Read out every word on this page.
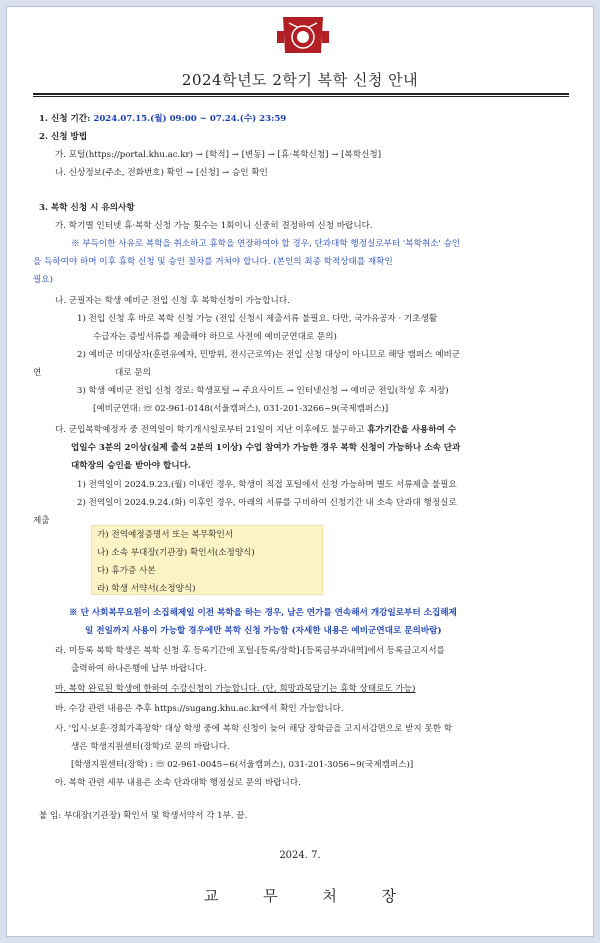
2024학년도 2학기 복학 신청 안내
1. 신청 기간: 2024.07.15.(월) 09:00 ~ 07.24.(수) 23:59
2. 신청 방법
가. 포털(https://portal.khu.ac.kr) → [학적] → [변동] → [휴·복학신청] → [복학신청]
나. 신상정보(주소, 전화번호) 확인 → [신청] → 승인 확인
3. 복학 신청 시 유의사항
가. 학기별 인터넷 휴·복학 신청 가능 횟수는 1회이니 신중히 결정하여 신청 바랍니다.
※ 부득이한 사유로 복학을 취소하고 휴학을 연장하여야 할 경우, 단과대학 행정실로부터 '복학취소' 승인
을 득하여야 하며 이후 휴학 신청 및 승인 절차를 거쳐야 합니다. (본인의 최종 학적상태를 재확인
필요)
나. 군필자는 학생 예비군 전입 신청 후 복학신청이 가능합니다.
1) 전입 신청 후 바로 복학 신청 가능 (전입 신청시 제출서류 불필요. 다만, 국가유공자 · 기초생활
수급자는 증빙서류를 제출해야 하므로 사전에 예비군연대로 문의)
2) 예비군 비대상자(훈련유예자, 민방위, 전시근로역)는 전입 신청 대상이 아니므로 해당 캠퍼스 예비군
연	대로 문의
3) 학생 예비군 전입 신청 경로: 학생포털 → 주요사이트 → 인터넷신청 → 예비군 전입(작성 후 저장)
[예비군연대: ☏ 02-961-0148(서울캠퍼스), 031-201-3266~9(국제캠퍼스)]
다. 군입복학예정자 중 전역일이 학기개시일로부터 21일이 지난 이후에도 불구하고 휴가기간을 사용하여 수
업일수 3분의 2이상(실제 출석 2분의 1이상) 수업 참여가 가능한 경우 복학 신청이 가능하나 소속 단과
대학장의 승인을 받아야 합니다.
1) 전역일이 2024.9.23.(월) 이내인 경우, 학생이 직접 포털에서 신청 가능하며 별도 서류제출 불필요
2) 전역일이 2024.9.24.(화) 이후인 경우, 아래의 서류를 구비하여 신청기간 내 소속 단과대 행정실로
제출
가) 전역예정증명서 또는 복무확인서
나) 소속 부대장(기관장) 확인서(소정양식)
다) 휴가증 사본
라) 학생 서약서(소정양식)
※ 단 사회복무요원이 소집해제일 이전 복학을 하는 경우, 남은 연가를 연속해서 개강일로부터 소집해제
일 전일까지 사용이 가능할 경우에만 복학 신청 가능함 (자세한 내용은 예비군연대로 문의바람)
라. 미등록 복학 학생은 복학 신청 후 등록기간에 포털-[등록/장학]-[등록금부과내역]에서 등록금고지서를
출력하여 하나은행에 납부 바랍니다.
마. 복학 완료된 학생에 한하여 수강신청이 가능합니다. (단, 희망과목담기는 휴학 상태로도 가능)
바. 수강 관련 내용은 추후 https://sugang.khu.ac.kr에서 확인 가능합니다.
사. '입시·보훈·경희가족장학' 대상 학생 중에 복학 신청이 늦어 해당 장학금을 고지서감면으로 받지 못한 학
생은 학생지원센터(장학)로 문의 바랍니다.
[학생지원센터(장학) : ☏ 02-961-0045~6(서울캠퍼스), 031-201-3056~9(국제캠퍼스)]
아. 복학 관련 세부 내용은 소속 단과대학 행정실로 문의 바랍니다.
붙 임: 부대장(기관장) 확인서 및 학생서약서 각 1부. 끝.
2024. 7.
교 무 처 장
